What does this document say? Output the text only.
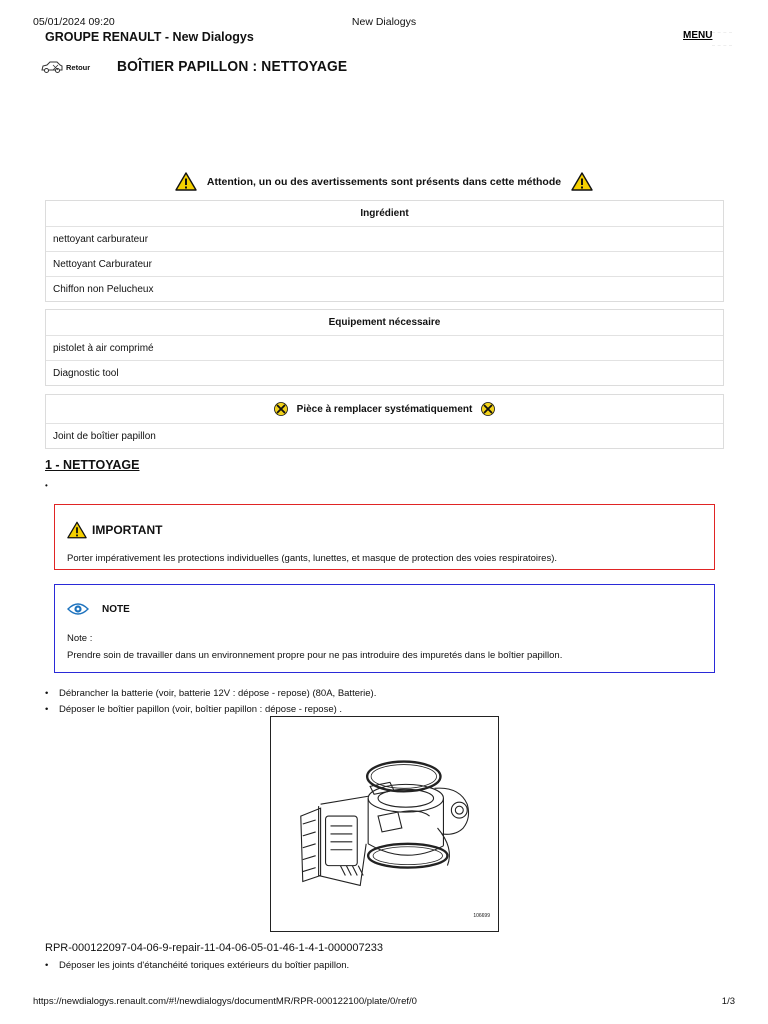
05/01/2024 09:20	New Dialogys
GROUPE RENAULT - New Dialogys	MENU
Retour BOÎTIER PAPILLON : NETTOYAGE
Attention, un ou des avertissements sont présents dans cette méthode
Ingrédient
nettoyant carburateur
Nettoyant Carburateur
Chiffon non Pelucheux
Equipement nécessaire
pistolet à air comprimé
Diagnostic tool
Pièce à remplacer systématiquement
Joint de boîtier papillon
1 - NETTOYAGE
•
IMPORTANT
Porter impérativement les protections individuelles (gants, lunettes, et masque de protection des voies respiratoires).
NOTE
Note :
Prendre soin de travailler dans un environnement propre pour ne pas introduire des impuretés dans le boîtier papillon.
• Débrancher la batterie (voir, batterie 12V : dépose - repose) (80A, Batterie).
• Déposer le boîtier papillon (voir, boîtier papillon : dépose - repose) .
106699
RPR-000122097-04-06-9-repair-11-04-06-05-01-46-1-4-1-000007233
• Déposer les joints d'étanchéité toriques extérieurs du boîtier papillon.
https://newdialogys.renault.com/#!/newdialogys/documentMR/RPR-000122100/plate/0/ref/0	1/3
